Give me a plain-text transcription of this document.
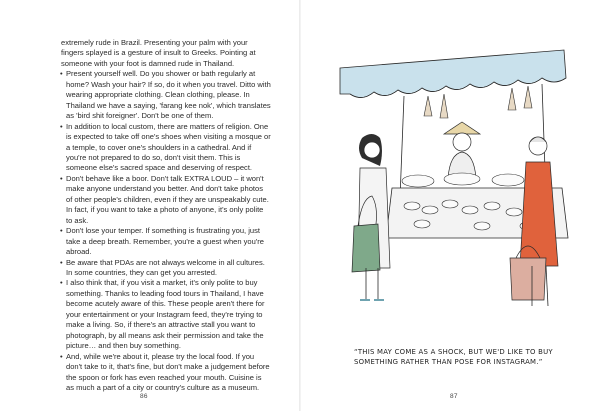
extremely rude in Brazil. Presenting your palm with your fingers splayed is a gesture of insult to Greeks. Pointing at someone with your foot is damned rude in Thailand.

• Present yourself well. Do you shower or bath regularly at home? Wash your hair? If so, do it when you travel. Ditto with wearing appropriate clothing. Clean clothing, please. In Thailand we have a saying, 'farang kee nok', which translates as 'bird shit foreigner'. Don't be one of them.
• In addition to local custom, there are matters of religion. One is expected to take off one's shoes when visiting a mosque or a temple, to cover one's shoulders in a cathedral. And if you're not prepared to do so, don't visit them. This is someone else's sacred space and deserving of respect.
• Don't behave like a boor. Don't talk EXTRA LOUD – it won't make anyone understand you better. And don't take photos of other people's children, even if they are unspeakably cute. In fact, if you want to take a photo of anyone, it's only polite to ask.
• Don't lose your temper. If something is frustrating you, just take a deep breath. Remember, you're a guest when you're abroad.
• Be aware that PDAs are not always welcome in all cultures. In some countries, they can get you arrested.
• I also think that, if you visit a market, it's only polite to buy something. Thanks to leading food tours in Thailand, I have become acutely aware of this. These people aren't there for your entertainment or your Instagram feed, they're trying to make a living. So, if there's an attractive stall you want to photograph, by all means ask their permission and take the picture… and then buy something.
• And, while we're about it, please try the local food. If you don't take to it, that's fine, but don't make a judgement before the spoon or fork has even reached your mouth. Cuisine is as much a part of a city or country's culture as a museum.
86
“THIS MAY COME AS A SHOCK, BUT WE'D LIKE TO BUY SOMETHING RATHER THAN POSE FOR INSTAGRAM.”
87
